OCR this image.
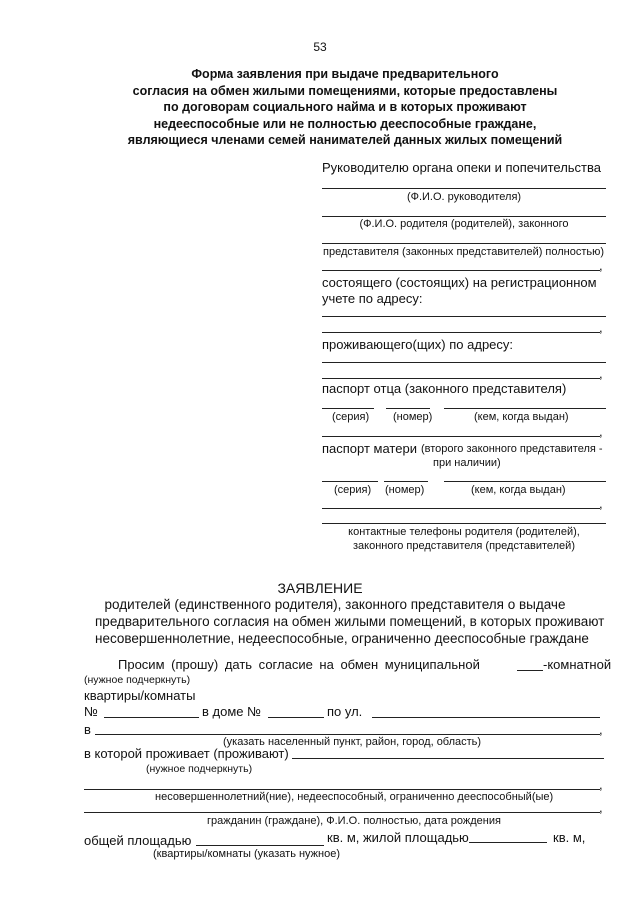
53
Форма заявления при выдаче предварительного
согласия на обмен жилыми помещениями, которые предоставлены
по договорам социального найма и в которых проживают
недееспособные или не полностью дееспособные граждане,
являющиеся членами семей нанимателей данных жилых помещений
Руководителю органа опеки и попечительства
(Ф.И.О. руководителя)
(Ф.И.О. родителя (родителей), законного
представителя (законных представителей) полностью)
,
состоящего (состоящих) на регистрационном
учете по адресу:
,
проживающего(щих) по адресу:
,
паспорт отца (законного представителя)
(серия) (номер)	(кем, когда выдан)
,
паспорт матери (второго законного представителя -
при наличии)
(серия) (номер)	(кем, когда выдан)
,
контактные телефоны родителя (родителей),
законного представителя (представителей)
ЗАЯВЛЕНИЕ
родителей (единственного родителя), законного представителя о выдаче
предварительного согласия на обмен жилыми помещений, в которых проживают
несовершеннолетние, недееспособные, ограниченно дееспособные граждане
Просим (прошу) дать согласие на обмен муниципальной	-комнатной
(нужное подчеркнуть)
квартиры/комнаты
№	в доме №	по ул.
в	,
(указать населенный пункт, район, город, область)
в которой проживает (проживают)
(нужное подчеркнуть)
,
несовершеннолетний(ние), недееспособный, ограниченно дееспособный(ые)
,
гражданин (граждане), Ф.И.О. полностью, дата рождения
общей площадью	кв. м, жилой площадью	кв. м,
(квартиры/комнаты (указать нужное)
